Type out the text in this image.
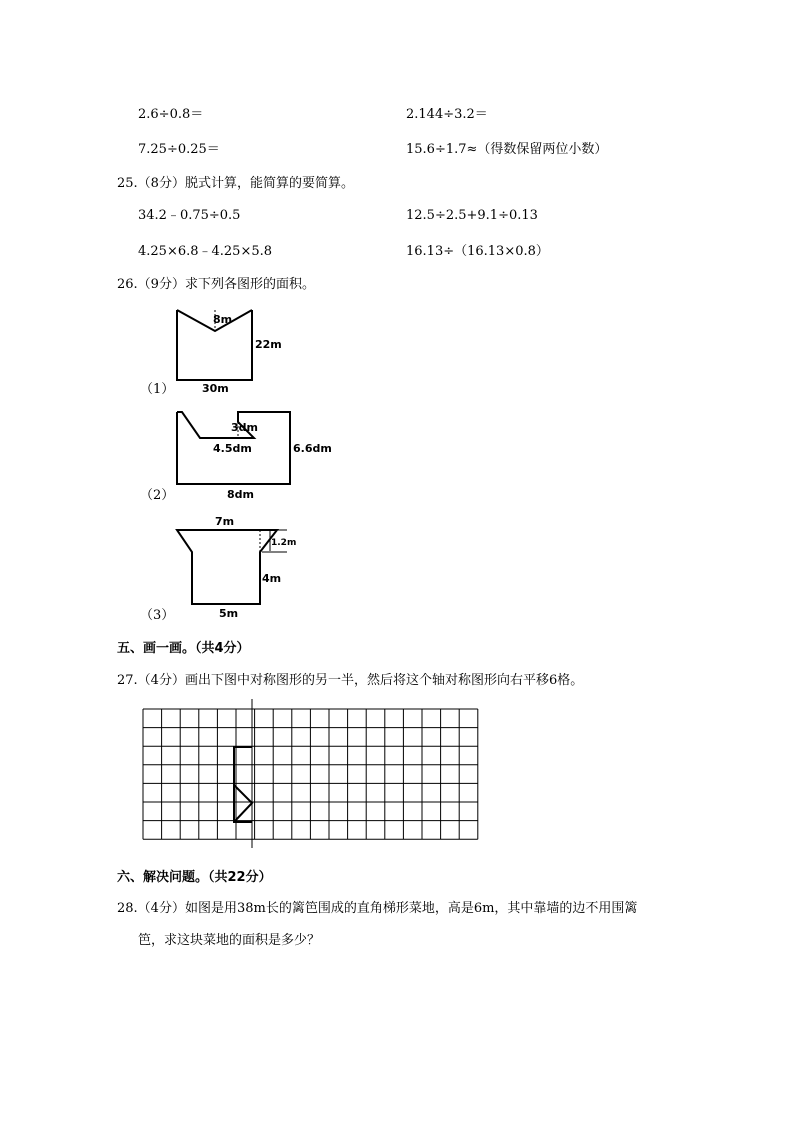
2.6÷0.8＝	2.144÷3.2＝
7.25÷0.25＝	15.6÷1.7≈（得数保留两位小数）
25.（8分）脱式计算，能简算的要简算。
34.2﹣0.75÷0.5	12.5÷2.5+9.1÷0.13
4.25×6.8﹣4.25×5.8	16.13÷（16.13×0.8）
26.（9分）求下列各图形的面积。
（1）
（2）
（3）
8m
22m
30m
3dm
4.5dm	6.6dm
8dm
7m
1.2m
4m
5m
五、画一画。（共4分）
27.（4分）画出下图中对称图形的另一半，然后将这个轴对称图形向右平移6格。
六、解决问题。（共22分）
28.（4分）如图是用38m长的篱笆围成的直角梯形菜地，高是6m，其中靠墙的边不用围篱
笆，求这块菜地的面积是多少？
